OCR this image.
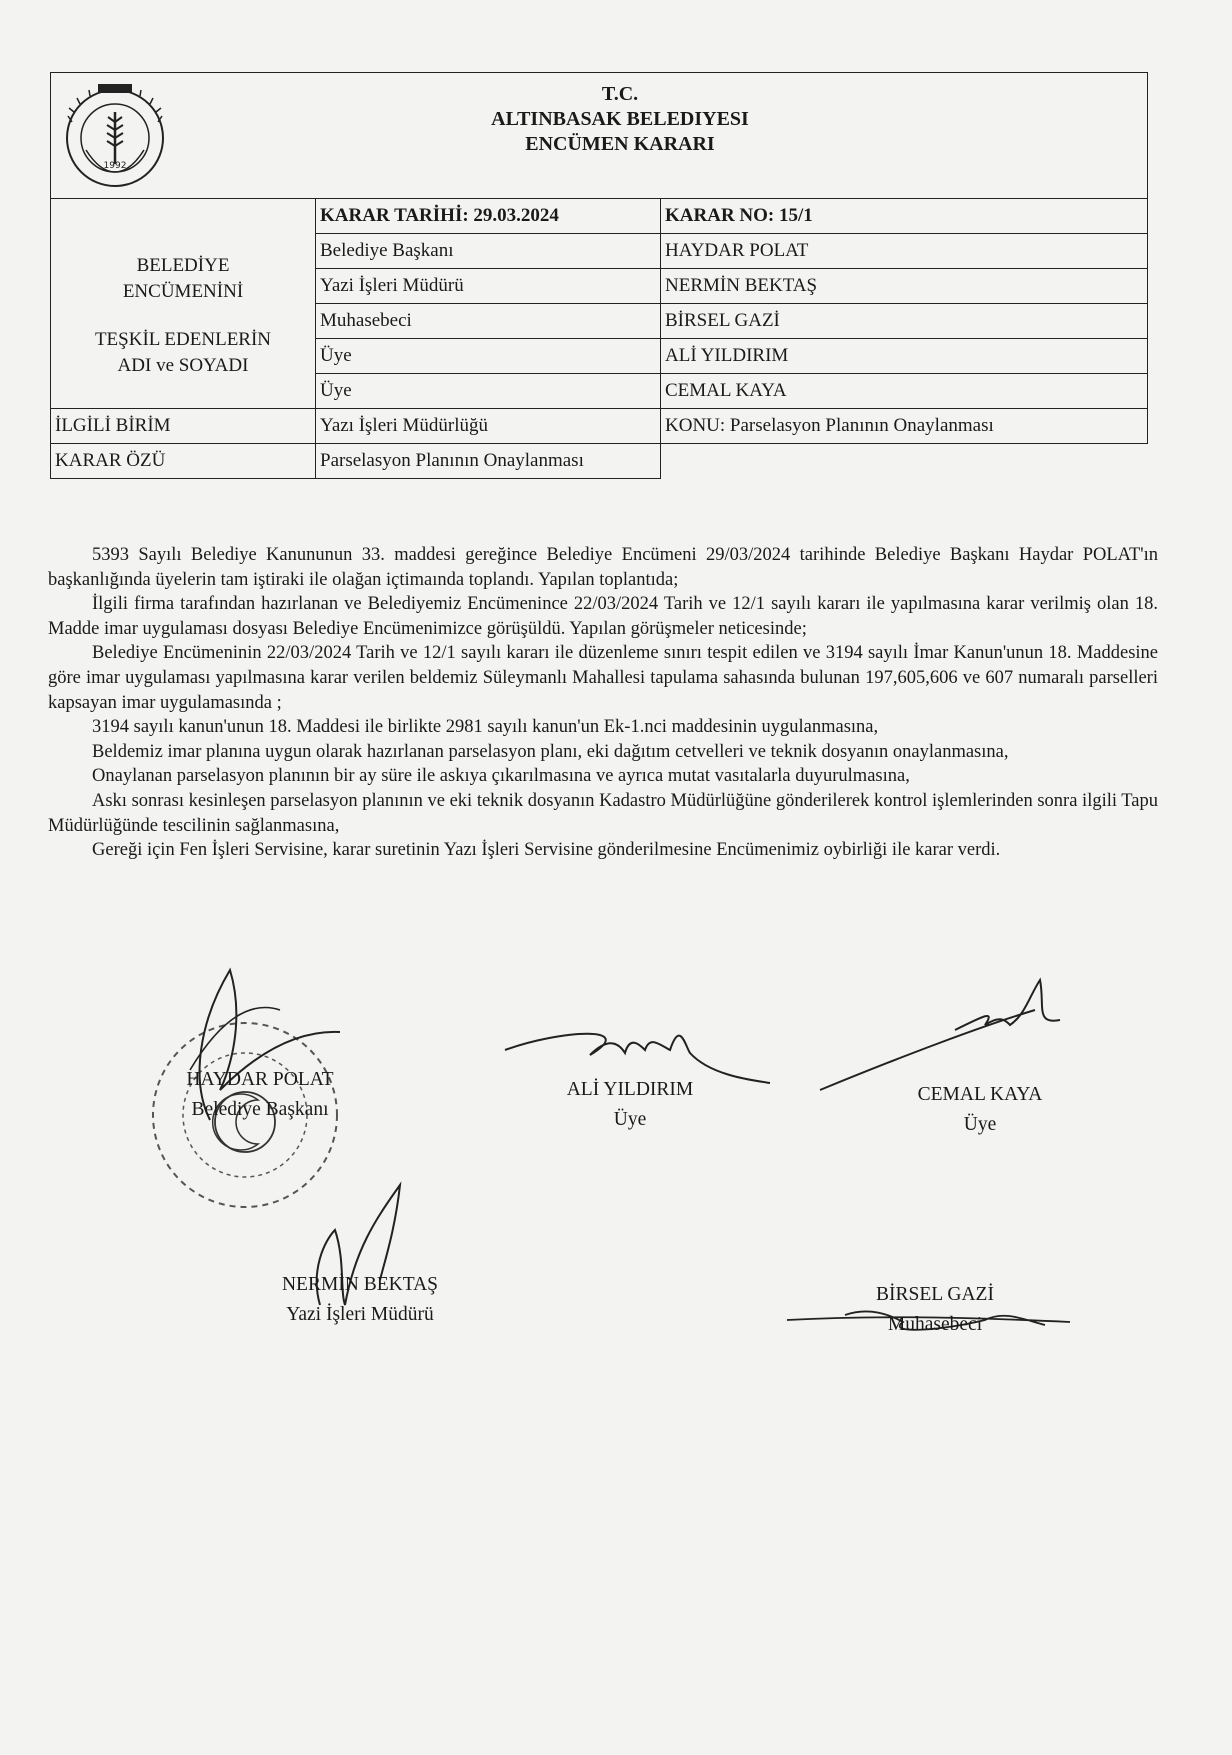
1992
T.C.
ALTINBASAK BELEDIYESI
ENCÜMEN KARARI
BELEDİYE
ENCÜMENİNİ
TEŞKİL EDENLERİN
ADI ve SOYADI	KARAR TARİHİ: 29.03.2024	KARAR NO: 15/1
	Belediye Başkanı	HAYDAR POLAT
	Yazi İşleri Müdürü	NERMİN BEKTAŞ
	Muhasebeci	BİRSEL GAZİ
	Üye	ALİ YILDIRIM
	Üye	CEMAL KAYA
İLGİLİ BİRİM	Yazı İşleri Müdürlüğü	KONU: Parselasyon Planının Onaylanması
KARAR ÖZÜ	Parselasyon Planının Onaylanması	

5393 Sayılı Belediye Kanununun 33. maddesi gereğince Belediye Encümeni 29/03/2024 tarihinde Belediye Başkanı Haydar POLAT'ın başkanlığında üyelerin tam iştiraki ile olağan içtimaında toplandı. Yapılan toplantıda;

İlgili firma tarafından hazırlanan ve Belediyemiz Encümenince 22/03/2024 Tarih ve 12/1 sayılı kararı ile yapılmasına karar verilmiş olan 18. Madde imar uygulaması dosyası Belediye Encümenimizce görüşüldü. Yapılan görüşmeler neticesinde;

Belediye Encümeninin 22/03/2024 Tarih ve 12/1 sayılı kararı ile düzenleme sınırı tespit edilen ve 3194 sayılı İmar Kanun'unun 18. Maddesine göre imar uygulaması yapılmasına karar verilen beldemiz Süleymanlı Mahallesi tapulama sahasında bulunan 197,605,606 ve 607 numaralı parselleri kapsayan imar uygulamasında ;

3194 sayılı kanun'unun 18. Maddesi ile birlikte 2981 sayılı kanun'un Ek-1.nci maddesinin uygulanmasına,

Beldemiz imar planına uygun olarak hazırlanan parselasyon planı, eki dağıtım cetvelleri ve teknik dosyanın onaylanmasına,

Onaylanan parselasyon planının bir ay süre ile askıya çıkarılmasına ve ayrıca mutat vasıtalarla duyurulmasına,

Askı sonrası kesinleşen parselasyon planının ve eki teknik dosyanın Kadastro Müdürlüğüne gönderilerek kontrol işlemlerinden sonra ilgili Tapu Müdürlüğünde tescilinin sağlanmasına,

Gereği için Fen İşleri Servisine, karar suretinin Yazı İşleri Servisine gönderilmesine Encümenimiz oybirliği ile karar verdi.

HAYDAR POLAT
Belediye Başkanı
ALİ YILDIRIM
Üye
CEMAL KAYA
Üye
NERMİN BEKTAŞ
Yazi İşleri Müdürü
BİRSEL GAZİ
Muhasebeci
